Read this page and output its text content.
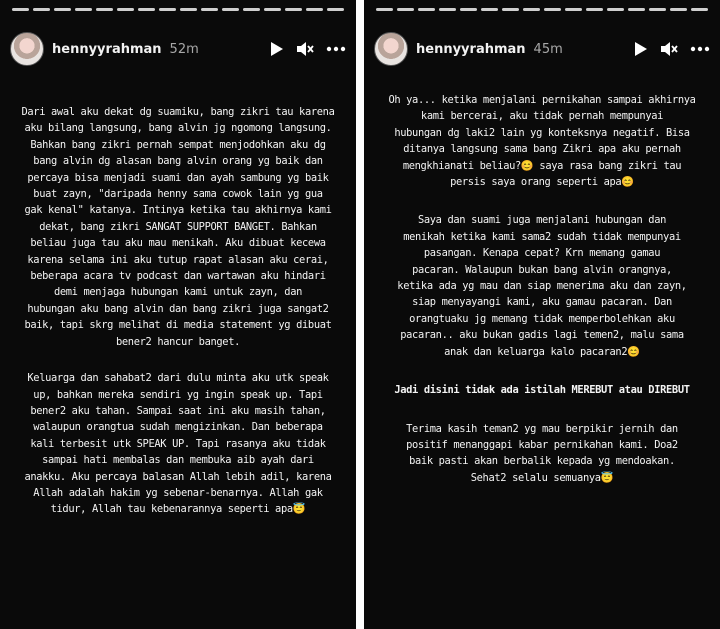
hennyyrahman 52m

Dari awal aku dekat dg suamiku, bang zikri tau karena
aku bilang langsung, bang alvin jg ngomong langsung.
Bahkan bang zikri pernah sempat menjodohkan aku dg
bang alvin dg alasan bang alvin orang yg baik dan
percaya bisa menjadi suami dan ayah sambung yg baik
buat zayn, "daripada henny sama cowok lain yg gua
gak kenal" katanya. Intinya ketika tau akhirnya kami
dekat, bang zikri SANGAT SUPPORT BANGET. Bahkan
beliau juga tau aku mau menikah. Aku dibuat kecewa
karena selama ini aku tutup rapat alasan aku cerai,
beberapa acara tv podcast dan wartawan aku hindari
demi menjaga hubungan kami untuk zayn, dan
hubungan aku bang alvin dan bang zikri juga sangat2
baik, tapi skrg melihat di media statement yg dibuat
bener2 hancur banget.

Keluarga dan sahabat2 dari dulu minta aku utk speak
up, bahkan mereka sendiri yg ingin speak up. Tapi
bener2 aku tahan. Sampai saat ini aku masih tahan,
walaupun orangtua sudah mengizinkan. Dan beberapa
kali terbesit utk SPEAK UP. Tapi rasanya aku tidak
sampai hati membalas dan membuka aib ayah dari
anakku. Aku percaya balasan Allah lebih adil, karena
Allah adalah hakim yg sebenar-benarnya. Allah gak
tidur, Allah tau kebenarannya seperti apa😇

hennyyrahman 45m

Oh ya... ketika menjalani pernikahan sampai akhirnya
kami bercerai, aku tidak pernah mempunyai
hubungan dg laki2 lain yg konteksnya negatif. Bisa
ditanya langsung sama bang Zikri apa aku pernah
mengkhianati beliau?😊 saya rasa bang zikri tau
persis saya orang seperti apa😊

Saya dan suami juga menjalani hubungan dan
menikah ketika kami sama2 sudah tidak mempunyai
pasangan. Kenapa cepat? Krn memang gamau
pacaran. Walaupun bukan bang alvin orangnya,
ketika ada yg mau dan siap menerima aku dan zayn,
siap menyayangi kami, aku gamau pacaran. Dan
orangtuaku jg memang tidak memperbolehkan aku
pacaran.. aku bukan gadis lagi temen2, malu sama
anak dan keluarga kalo pacaran2😊

Jadi disini tidak ada istilah MEREBUT atau DIREBUT

Terima kasih teman2 yg mau berpikir jernih dan
positif menanggapi kabar pernikahan kami. Doa2
baik pasti akan berbalik kepada yg mendoakan.
Sehat2 selalu semuanya😇
